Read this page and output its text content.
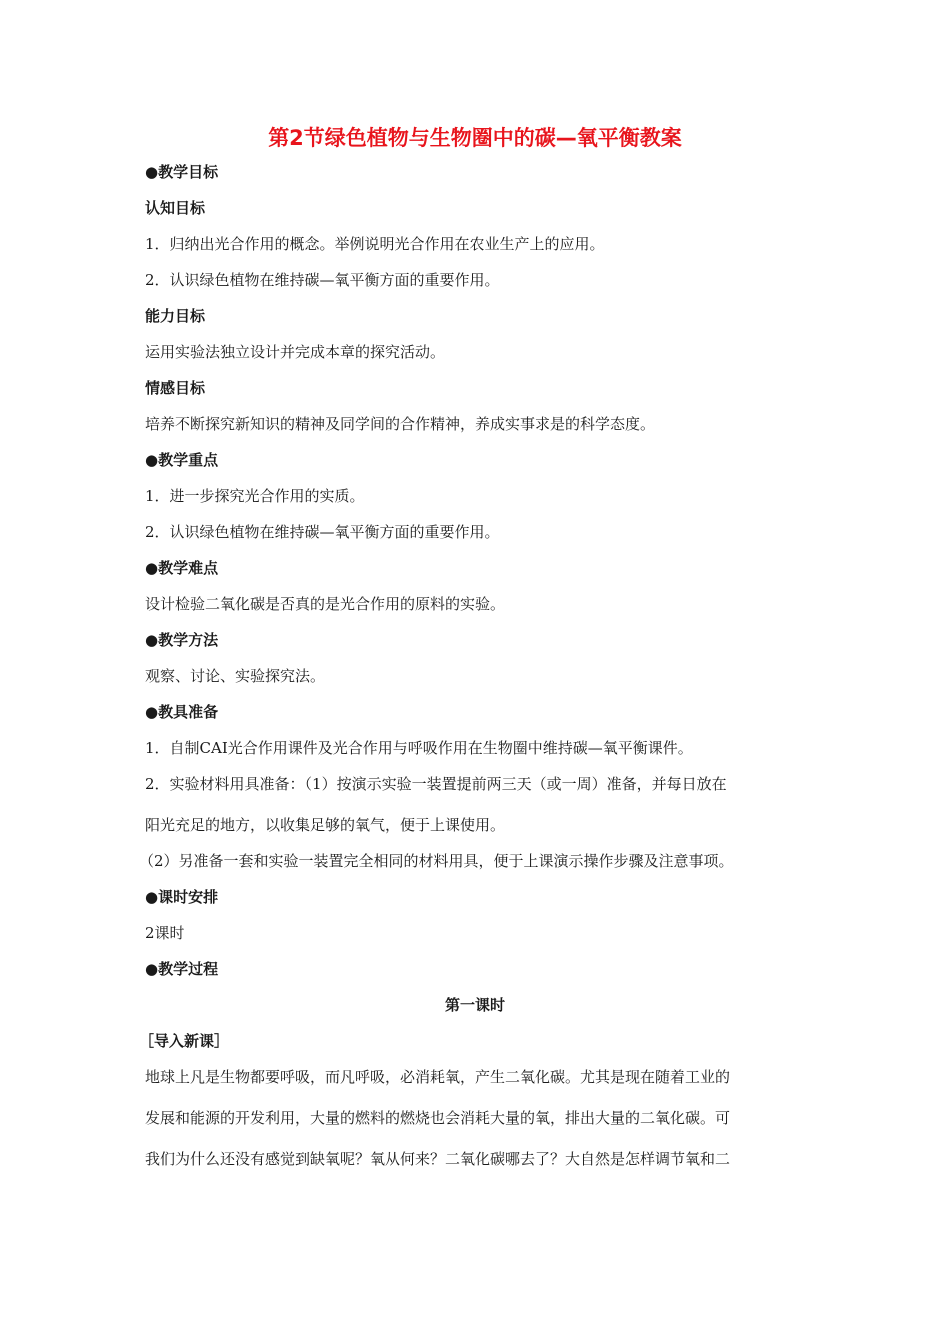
第2节绿色植物与生物圈中的碳—氧平衡教案
●教学目标
认知目标
1．归纳出光合作用的概念。举例说明光合作用在农业生产上的应用。
2．认识绿色植物在维持碳—氧平衡方面的重要作用。
能力目标
运用实验法独立设计并完成本章的探究活动。
情感目标
培养不断探究新知识的精神及同学间的合作精神，养成实事求是的科学态度。
●教学重点
1．进一步探究光合作用的实质。
2．认识绿色植物在维持碳—氧平衡方面的重要作用。
●教学难点
设计检验二氧化碳是否真的是光合作用的原料的实验。
●教学方法
观察、讨论、实验探究法。
●教具准备
1．自制CAI光合作用课件及光合作用与呼吸作用在生物圈中维持碳—氧平衡课件。
2．实验材料用具准备：（1）按演示实验一装置提前两三天（或一周）准备，并每日放在
阳光充足的地方，以收集足够的氧气，便于上课使用。
（2）另准备一套和实验一装置完全相同的材料用具，便于上课演示操作步骤及注意事项。
●课时安排
2课时
●教学过程
第一课时
［导入新课］
地球上凡是生物都要呼吸，而凡呼吸，必消耗氧，产生二氧化碳。尤其是现在随着工业的
发展和能源的开发利用，大量的燃料的燃烧也会消耗大量的氧，排出大量的二氧化碳。可
我们为什么还没有感觉到缺氧呢？氧从何来？二氧化碳哪去了？大自然是怎样调节氧和二
